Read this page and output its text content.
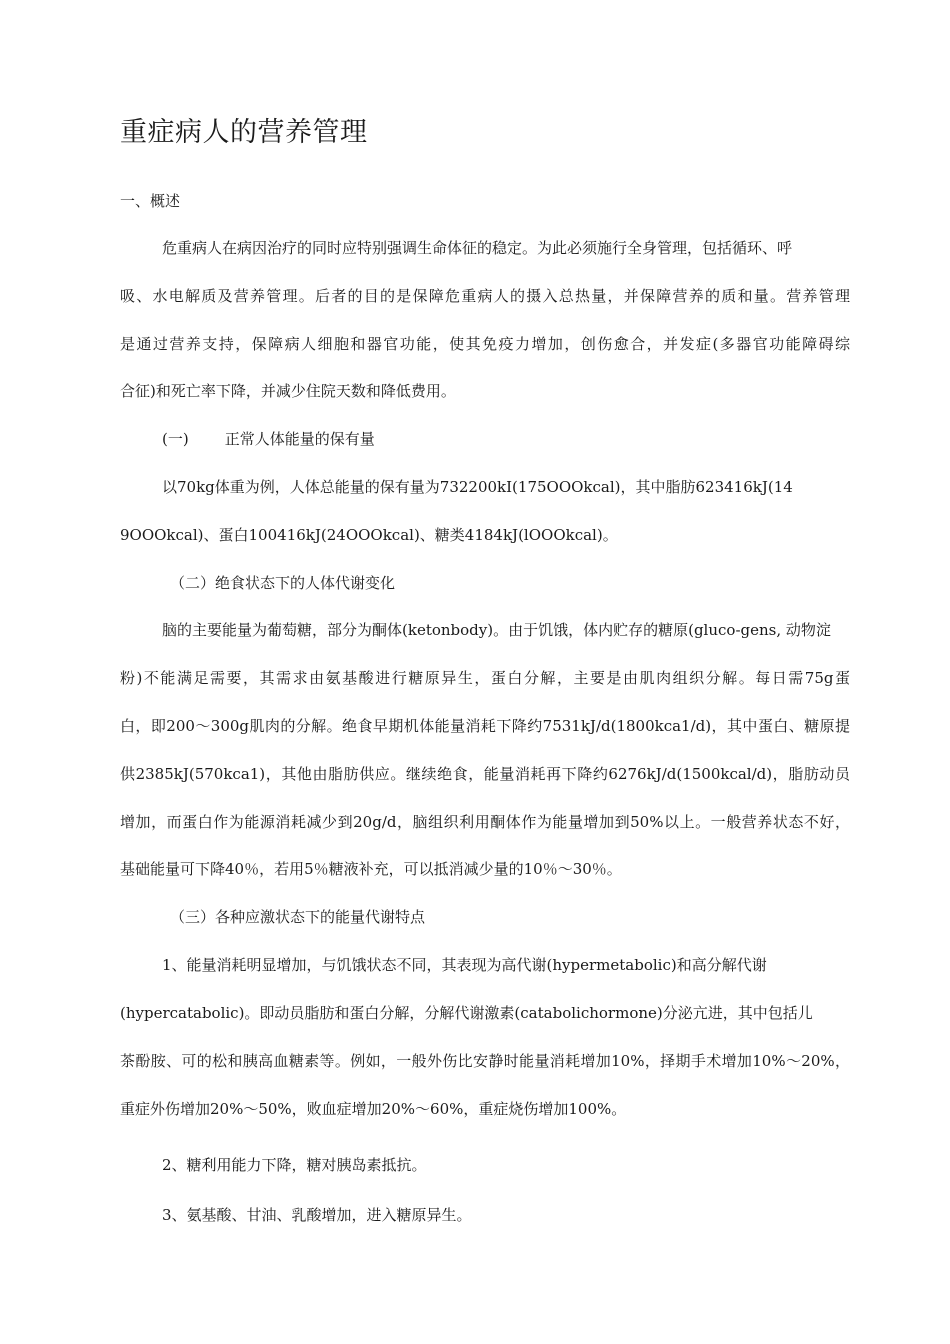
重症病人的营养管理

一、概述

危重病人在病因治疗的同时应特别强调生命体征的稳定。为此必须施行全身管理，包括循环、呼

吸、水电解质及营养管理。后者的目的是保障危重病人的摄入总热量，并保障营养的质和量。营养管理

是通过营养支持，保障病人细胞和器官功能，使其免疫力增加，创伤愈合，并发症(多器官功能障碍综

合征)和死亡率下降，并减少住院天数和降低费用。

(一) 正常人体能量的保有量

以70kg体重为例，人体总能量的保有量为732200kI(175OOOkcal)，其中脂肪623416kJ(14

9OOOkcal)、蛋白100416kJ(24OOOkcal)、糖类4184kJ(lOOOkcal)。

（二）绝食状态下的人体代谢变化

脑的主要能量为葡萄糖，部分为酮体(ketonbody)。由于饥饿，体内贮存的糖原(gluco-gens, 动物淀

粉)不能满足需要，其需求由氨基酸进行糖原异生，蛋白分解，主要是由肌肉组织分解。每日需75g蛋

白，即200〜300g肌肉的分解。绝食早期机体能量消耗下降约7531kJ/d(1800kca1/d)，其中蛋白、糖原提

供2385kJ(570kca1)，其他由脂肪供应。继续绝食，能量消耗再下降约6276kJ/d(1500kcal/d)，脂肪动员

增加，而蛋白作为能源消耗减少到20g/d，脑组织利用酮体作为能量增加到50%以上。一般营养状态不好，

基础能量可下降40％，若用5％糖液补充，可以抵消减少量的10％〜30％。

（三）各种应激状态下的能量代谢特点

1、能量消耗明显增加，与饥饿状态不同，其表现为高代谢(hypermetabolic)和高分解代谢

(hypercatabolic)。即动员脂肪和蛋白分解，分解代谢激素(catabolichormone)分泌亢进，其中包括儿

茶酚胺、可的松和胰高血糖素等。例如，一般外伤比安静时能量消耗增加10%，择期手术增加10%〜20%，

重症外伤增加20%〜50%，败血症增加20%〜60%，重症烧伤增加100%。

2、糖利用能力下降，糖对胰岛素抵抗。

3、氨基酸、甘油、乳酸增加，进入糖原异生。
